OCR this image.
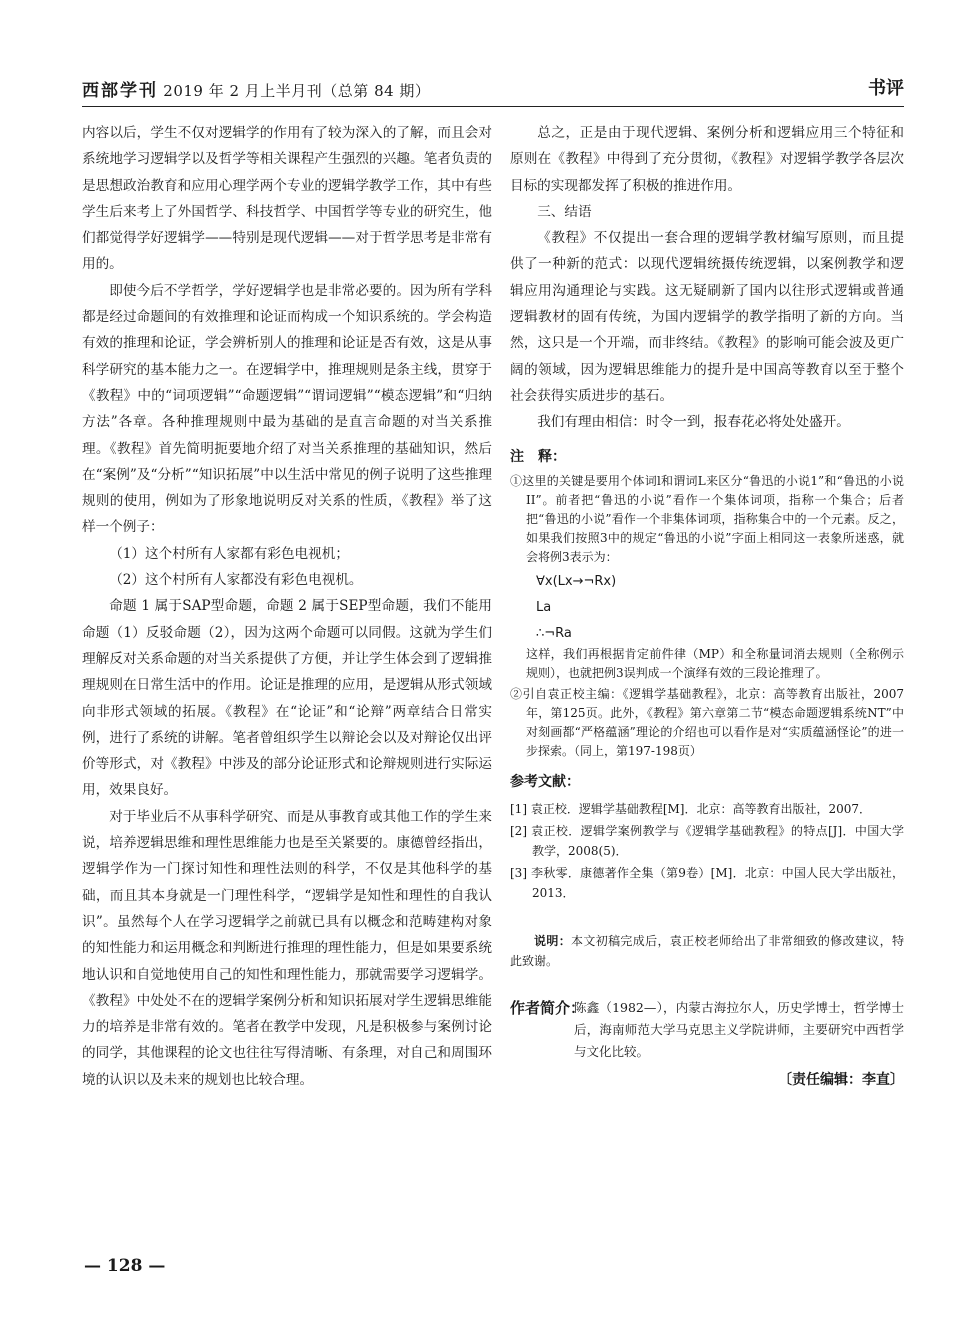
西部学刊 2019 年 2 月上半月刊（总第 84 期）	书评

内容以后，学生不仅对逻辑学的作用有了较为深入的了解，而且会对系统地学习逻辑学以及哲学等相关课程产生强烈的兴趣。笔者负责的是思想政治教育和应用心理学两个专业的逻辑学教学工作，其中有些学生后来考上了外国哲学、科技哲学、中国哲学等专业的研究生，他们都觉得学好逻辑学——特别是现代逻辑——对于哲学思考是非常有用的。

即使今后不学哲学，学好逻辑学也是非常必要的。因为所有学科都是经过命题间的有效推理和论证而构成一个知识系统的。学会构造有效的推理和论证，学会辨析别人的推理和论证是否有效，这是从事科学研究的基本能力之一。在逻辑学中，推理规则是条主线，贯穿于《教程》中的“词项逻辑”“命题逻辑”“谓词逻辑”“模态逻辑”和“归纳方法”各章。各种推理规则中最为基础的是直言命题的对当关系推理。《教程》首先简明扼要地介绍了对当关系推理的基础知识，然后在“案例”及“分析”“知识拓展”中以生活中常见的例子说明了这些推理规则的使用，例如为了形象地说明反对关系的性质，《教程》举了这样一个例子：

（1）这个村所有人家都有彩色电视机；

（2）这个村所有人家都没有彩色电视机。

命题 1 属于SAP型命题，命题 2 属于SEP型命题，我们不能用命题（1）反驳命题（2），因为这两个命题可以同假。这就为学生们理解反对关系命题的对当关系提供了方便，并让学生体会到了逻辑推理规则在日常生活中的作用。论证是推理的应用，是逻辑从形式领域向非形式领域的拓展。《教程》在“论证”和“论辩”两章结合日常实例，进行了系统的讲解。笔者曾组织学生以辩论会以及对辩论仅出评价等形式，对《教程》中涉及的部分论证形式和论辩规则进行实际运用，效果良好。

对于毕业后不从事科学研究、而是从事教育或其他工作的学生来说，培养逻辑思维和理性思维能力也是至关紧要的。康德曾经指出，逻辑学作为一门探讨知性和理性法则的科学，不仅是其他科学的基础，而且其本身就是一门理性科学，“逻辑学是知性和理性的自我认识”。虽然每个人在学习逻辑学之前就已具有以概念和范畴建构对象的知性能力和运用概念和判断进行推理的理性能力，但是如果要系统地认识和自觉地使用自己的知性和理性能力，那就需要学习逻辑学。《教程》中处处不在的逻辑学案例分析和知识拓展对学生逻辑思维能力的培养是非常有效的。笔者在教学中发现，凡是积极参与案例讨论的同学，其他课程的论文也往往写得清晰、有条理，对自己和周围环境的认识以及未来的规划也比较合理。

总之，正是由于现代逻辑、案例分析和逻辑应用三个特征和原则在《教程》中得到了充分贯彻，《教程》对逻辑学教学各层次目标的实现都发挥了积极的推进作用。

三、结语

《教程》不仅提出一套合理的逻辑学教材编写原则，而且提供了一种新的范式：以现代逻辑统摄传统逻辑，以案例教学和逻辑应用沟通理论与实践。这无疑刷新了国内以往形式逻辑或普通逻辑教材的固有传统，为国内逻辑学的教学指明了新的方向。当然，这只是一个开端，而非终结。《教程》的影响可能会波及更广阔的领域，因为逻辑思维能力的提升是中国高等教育以至于整个社会获得实质进步的基石。

我们有理由相信：时令一到，报春花必将处处盛开。

注　释：
①这里的关键是要用个体词l和谓词L来区分“鲁迅的小说1”和“鲁迅的小说II”。前者把“鲁迅的小说”看作一个集体词项，指称一个集合；后者把“鲁迅的小说”看作一个非集体词项，指称集合中的一个元素。反之，如果我们按照3中的规定“鲁迅的小说”字面上相同这一表象所迷惑，就会将例3表示为：
∀x(Lx→¬Rx)
La
∴¬Ra
这样，我们再根据肯定前件律（MP）和全称量词消去规则（全称例示规则），也就把例3误判成一个演绎有效的三段论推理了。
②引自袁正校主编：《逻辑学基础教程》，北京：高等教育出版社，2007年，第125页。此外，《教程》第六章第二节“模态命题逻辑系统NT”中对刻画都“严格蕴涵”理论的介绍也可以看作是对“实质蕴涵怪论”的进一步探索。（同上，第197-198页）
参考文献：
[1] 袁正校．逻辑学基础教程[M]．北京：高等教育出版社，2007．
[2] 袁正校．逻辑学案例教学与《逻辑学基础教程》的特点[J]．中国大学教学，2008(5)．
[3] 李秋零．康德著作全集（第9卷）[M]．北京：中国人民大学出版社，2013．
说明：本文初稿完成后，袁正校老师给出了非常细致的修改建议，特此致谢。
作者简介：
陈鑫（1982—），内蒙古海拉尔人，历史学博士，哲学博士后，海南师范大学马克思主义学院讲师，主要研究中西哲学与文化比较。
〔责任编辑：李直〕
— 128 —
